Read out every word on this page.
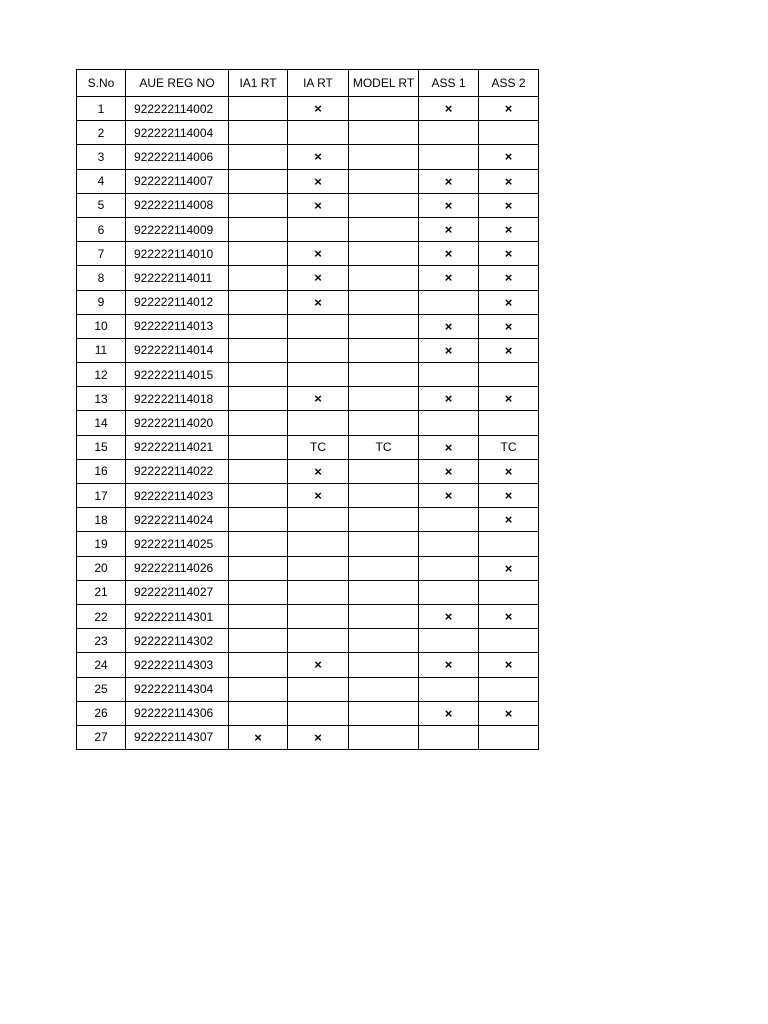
S.No	AUE REG NO	IA1 RT	IA RT	MODEL RT	ASS 1	ASS 2
1	922222114002		×		×	×
2	922222114004					
3	922222114006		×			×
4	922222114007		×		×	×
5	922222114008		×		×	×
6	922222114009				×	×
7	922222114010		×		×	×
8	922222114011		×		×	×
9	922222114012		×			×
10	922222114013				×	×
11	922222114014				×	×
12	922222114015					
13	922222114018		×		×	×
14	922222114020					
15	922222114021		TC	TC	×	TC
16	922222114022		×		×	×
17	922222114023		×		×	×
18	922222114024					×
19	922222114025					
20	922222114026					×
21	922222114027					
22	922222114301				×	×
23	922222114302					
24	922222114303		×		×	×
25	922222114304					
26	922222114306				×	×
27	922222114307	×	×			
